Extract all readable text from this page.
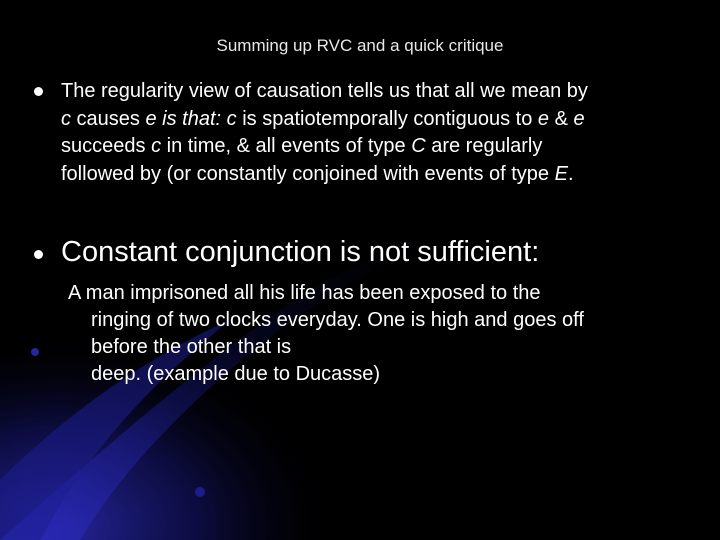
Summing up RVC and a quick critique
The regularity view of causation tells us that all we mean by
c causes e is that: c is spatiotemporally contiguous to e & e
succeeds c in time, & all events of type C are regularly
followed by (or constantly conjoined with events of type E.
Constant conjunction is not sufficient:
A man imprisoned all his life has been exposed to the
ringing of two clocks everyday. One is high and goes off
before the other that is
deep. (example due to Ducasse)
